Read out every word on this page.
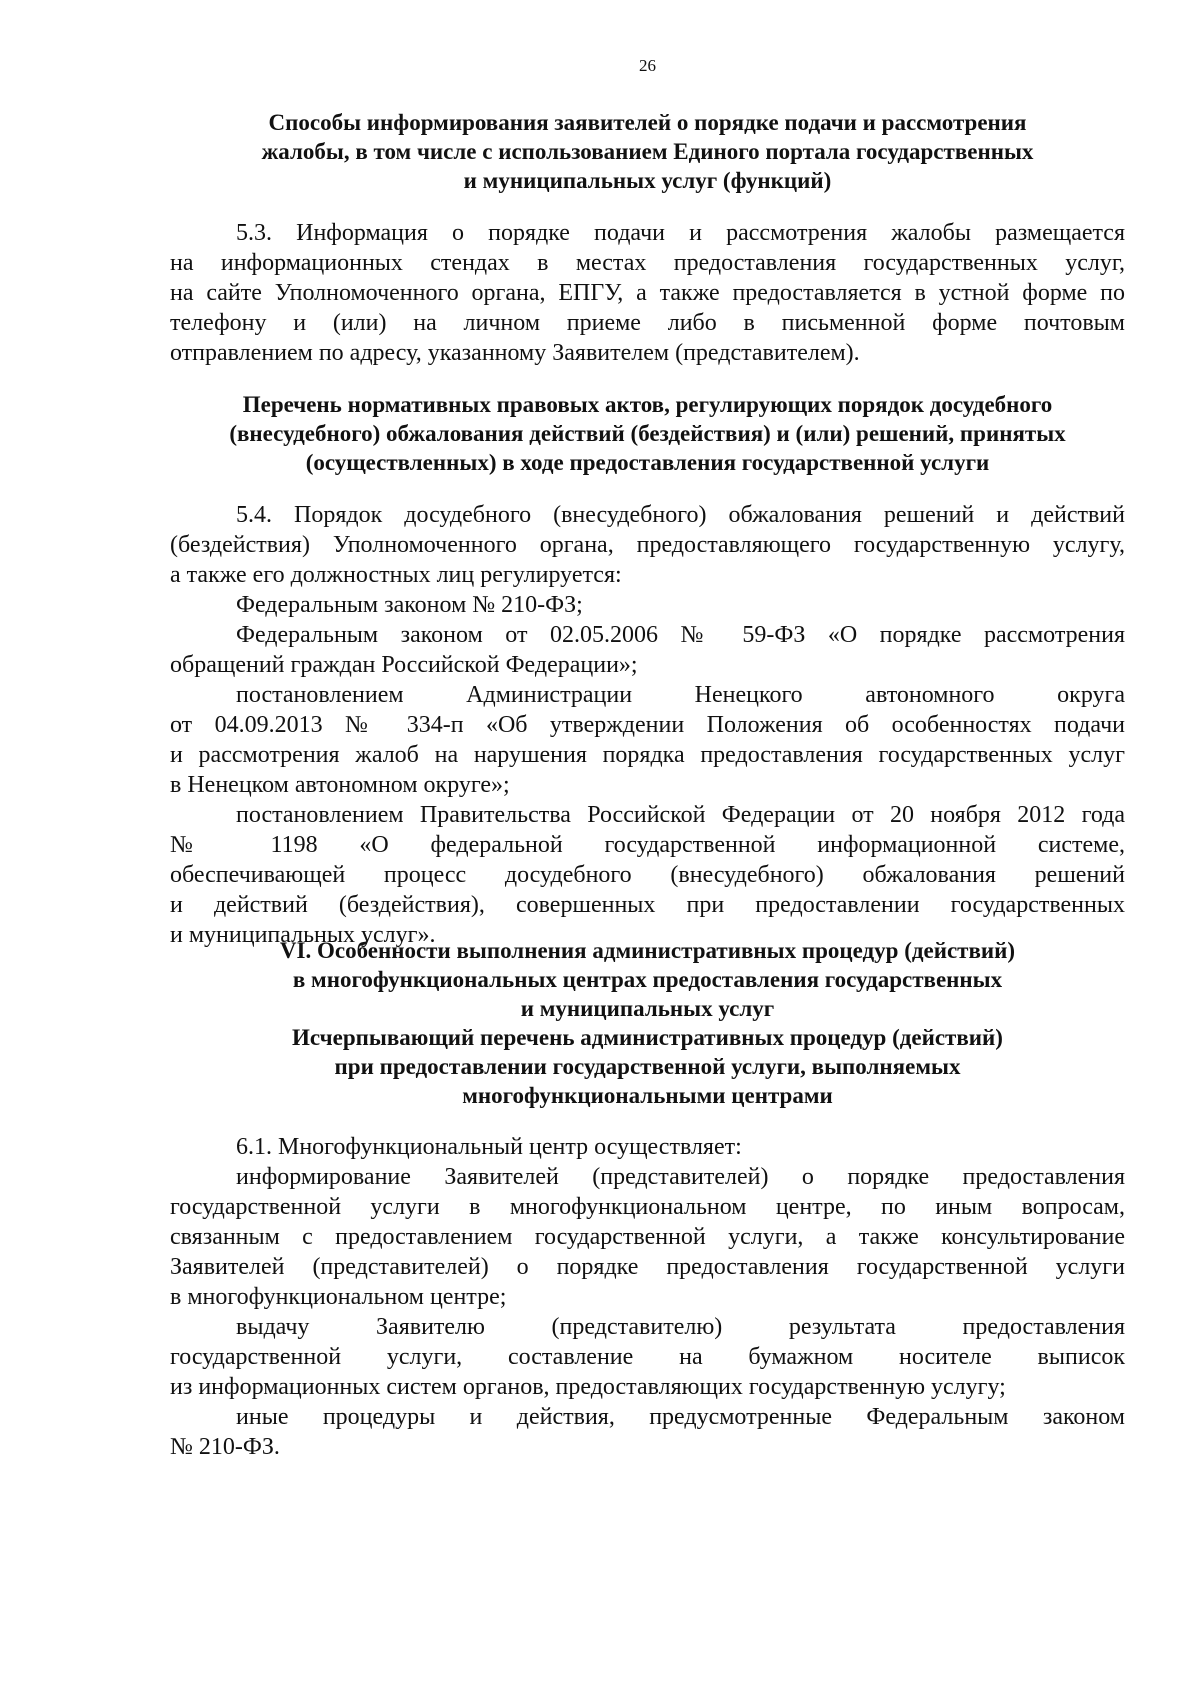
26
Способы информирования заявителей о порядке подачи и рассмотрения
жалобы, в том числе с использованием Единого портала государственных
и муниципальных услуг (функций)
5.3. Информация о порядке подачи и рассмотрения жалобы размещается
на информационных стендах в местах предоставления государственных услуг,
на сайте Уполномоченного органа, ЕПГУ, а также предоставляется в устной форме по
телефону и (или) на личном приеме либо в письменной форме почтовым
отправлением по адресу, указанному Заявителем (представителем).
Перечень нормативных правовых актов, регулирующих порядок досудебного
(внесудебного) обжалования действий (бездействия) и (или) решений, принятых
(осуществленных) в ходе предоставления государственной услуги
5.4. Порядок досудебного (внесудебного) обжалования решений и действий
(бездействия) Уполномоченного органа, предоставляющего государственную услугу,
а также его должностных лиц регулируется:
Федеральным законом № 210-ФЗ;
Федеральным законом от 02.05.2006 № 59-ФЗ «О порядке рассмотрения
обращений граждан Российской Федерации»;
постановлением Администрации Ненецкого автономного округа
от 04.09.2013 № 334-п «Об утверждении Положения об особенностях подачи
и рассмотрения жалоб на нарушения порядка предоставления государственных услуг
в Ненецком автономном округе»;
постановлением Правительства Российской Федерации от 20 ноября 2012 года
№ 1198 «О федеральной государственной информационной системе,
обеспечивающей процесс досудебного (внесудебного) обжалования решений
и действий (бездействия), совершенных при предоставлении государственных
и муниципальных услуг».
VI. Особенности выполнения административных процедур (действий)
в многофункциональных центрах предоставления государственных
и муниципальных услуг
Исчерпывающий перечень административных процедур (действий)
при предоставлении государственной услуги, выполняемых
многофункциональными центрами
6.1. Многофункциональный центр осуществляет:
информирование Заявителей (представителей) о порядке предоставления
государственной услуги в многофункциональном центре, по иным вопросам,
связанным с предоставлением государственной услуги, а также консультирование
Заявителей (представителей) о порядке предоставления государственной услуги
в многофункциональном центре;
выдачу Заявителю (представителю) результата предоставления
государственной услуги, составление на бумажном носителе выписок
из информационных систем органов, предоставляющих государственную услугу;
иные процедуры и действия, предусмотренные Федеральным законом
№ 210-ФЗ.
